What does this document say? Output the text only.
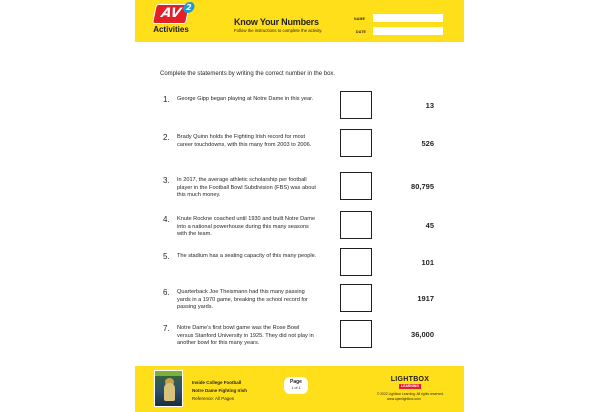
AV 2
Activities
Know Your Numbers
Follow the instructions to complete the activity.
NAME
DATE
Complete the statements by writing the correct number in the box.
1. George Gipp began playing at Notre Dame in this year.
13
2. Brady Quinn holds the Fighting Irish record for most career touchdowns, with this many from 2003 to 2006.	526
3. In 2017, the average athletic scholarship per football player in the Football Bowl Subdivision (FBS) was about this much money.
80,795
4. Knute Rockne coached until 1930 and built Notre Dame into a national powerhouse during this many seasons with the team.
45
5. The stadium has a seating capacity of this many people.
101
6. Quarterback Joe Theismann had this many passing yards in a 1970 game, breaking the school record for passing yards.
1917
7. Notre Dame's first bowl game was the Rose Bowl versus Stanford University in 1925. They did not play in another bowl for this many years.
36,000
Inside College Football
Notre Dame Fighting Irish
Reference: All Pages
Page
1 of 1
LIGHTBOX
LEARNING
© 2022 Lightbox Learning. All rights reserved.
www.openlightbox.com
